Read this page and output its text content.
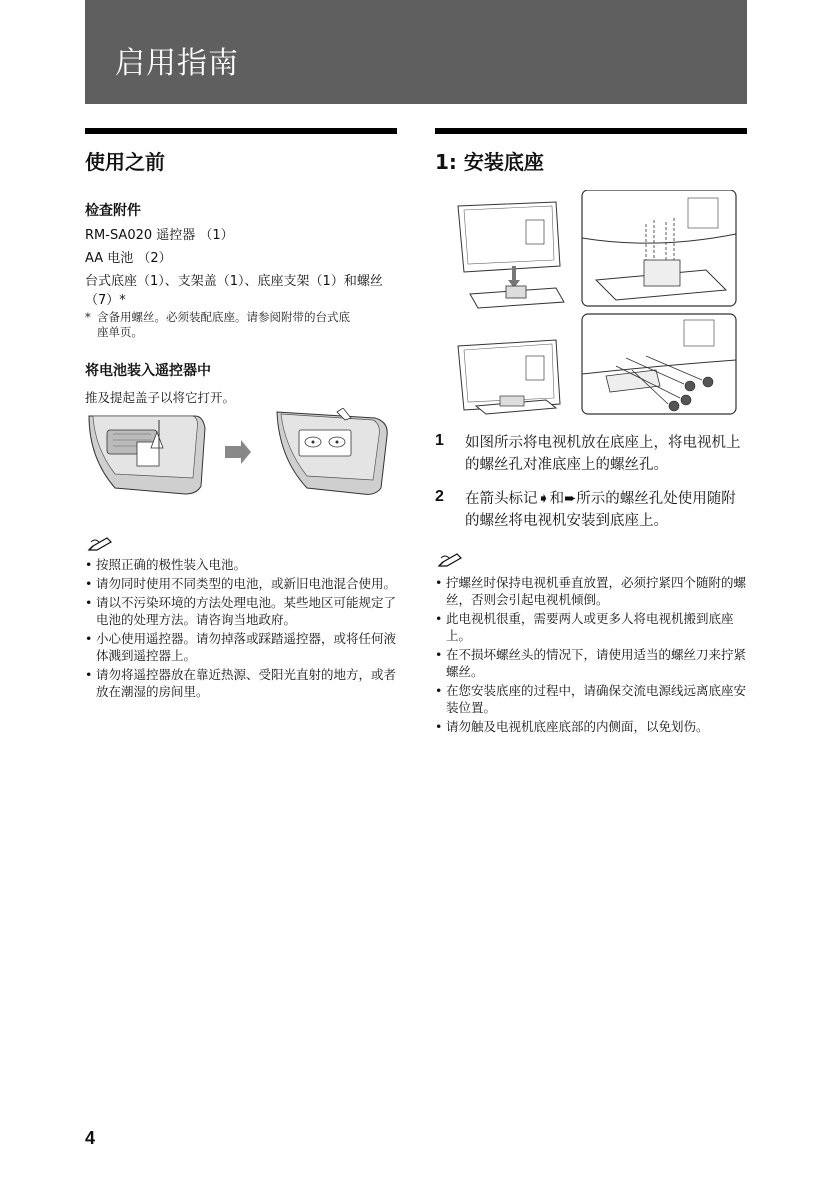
启用指南
使用之前

检查附件

RM-SA020 遥控器 （1）

AA 电池 （2）

台式底座（1）、支架盖（1）、底座支架（1）和螺丝（7）*

* 含备用螺丝。必须装配底座。请参阅附带的台式底
座单页。

将电池装入遥控器中

推及提起盖子以将它打开。

• 按照正确的极性装入电池。
• 请勿同时使用不同类型的电池，或新旧电池混合使用。
• 请以不污染环境的方法处理电池。某些地区可能规定了电池的处理方法。请咨询当地政府。
• 小心使用遥控器。请勿掉落或踩踏遥控器，或将任何液体溅到遥控器上。
• 请勿将遥控器放在靠近热源、受阳光直射的地方，或者放在潮湿的房间里。
1: 安装底座
1 如图所示将电视机放在底座上，将电视机上的螺丝孔对准底座上的螺丝孔。
2 在箭头标记➧和➨所示的螺丝孔处使用随附的螺丝将电视机安装到底座上。
• 拧螺丝时保持电视机垂直放置，必须拧紧四个随附的螺丝，否则会引起电视机倾倒。
• 此电视机很重，需要两人或更多人将电视机搬到底座上。
• 在不损坏螺丝头的情况下，请使用适当的螺丝刀来拧紧螺丝。
• 在您安装底座的过程中，请确保交流电源线远离底座安装位置。
• 请勿触及电视机底座底部的内侧面，以免划伤。
4
